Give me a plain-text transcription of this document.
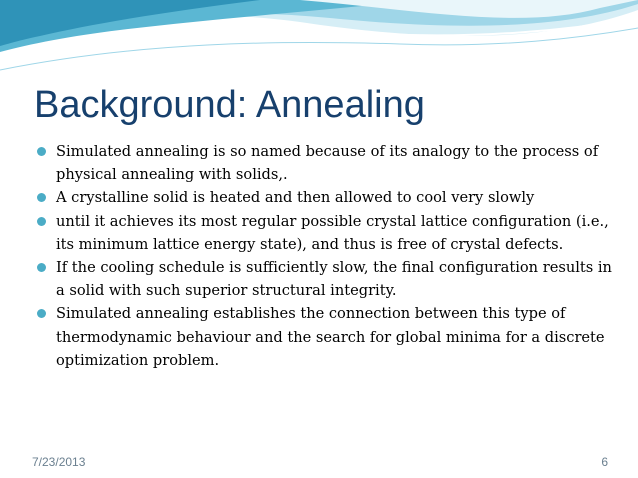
Background: Annealing
Simulated annealing is so named because of its analogy to the process of physical annealing with solids,.
A crystalline solid is heated and then allowed to cool very slowly
until it achieves its most regular possible crystal lattice configuration (i.e., its minimum lattice energy state), and thus is free of crystal defects.
If the cooling schedule is sufficiently slow, the final configuration results in a solid with such superior structural integrity.
Simulated annealing establishes the connection between this type of thermodynamic behaviour and the search for global minima for a discrete optimization problem.
7/23/2013	6
